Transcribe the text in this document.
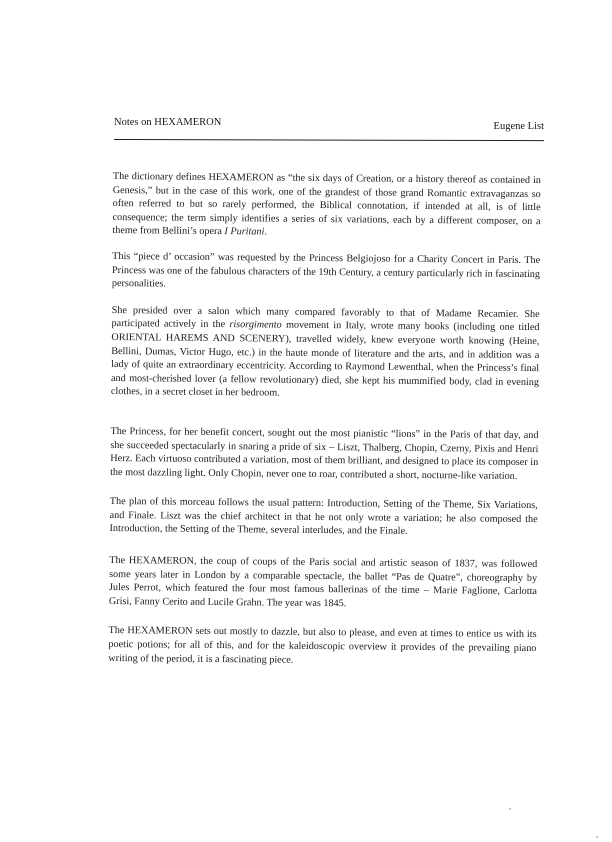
Notes on HEXAMERON	Eugene List

The dictionary defines HEXAMERON as “the six days of Creation, or a history thereof as contained in Genesis,” but in the case of this work, one of the grandest of those grand Romantic extravaganzas so often referred to but so rarely performed, the Biblical connotation, if intended at all, is of little consequence; the term simply identifies a series of six variations, each by a different composer, on a theme from Bellini’s opera I Puritani.

This “piece d’ occasion” was requested by the Princess Belgiojoso for a Charity Concert in Paris. The Princess was one of the fabulous characters of the 19th Century, a century particularly rich in fascinating personalities.

She presided over a salon which many compared favorably to that of Madame Recamier. She participated actively in the risorgimento movement in Italy, wrote many books (including one titled ORIENTAL HAREMS AND SCENERY), travelled widely, knew everyone worth knowing (Heine, Bellini, Dumas, Victor Hugo, etc.) in the haute monde of literature and the arts, and in addition was a lady of quite an extraordinary eccentricity. According to Raymond Lewenthal, when the Princess’s final and most-cherished lover (a fellow revolutionary) died, she kept his mummified body, clad in evening clothes, in a secret closet in her bedroom.

The Princess, for her benefit concert, sought out the most pianistic “lions” in the Paris of that day, and she succeeded spectacularly in snaring a pride of six – Liszt, Thalberg, Chopin, Czerny, Pixis and Henri Herz. Each virtuoso contributed a variation, most of them brilliant, and designed to place its composer in the most dazzling light. Only Chopin, never one to roar, contributed a short, nocturne-like variation.

The plan of this morceau follows the usual pattern: Introduction, Setting of the Theme, Six Variations, and Finale. Liszt was the chief architect in that he not only wrote a variation; he also composed the Introduction, the Setting of the Theme, several interludes, and the Finale.

The HEXAMERON, the coup of coups of the Paris social and artistic season of 1837, was followed some years later in London by a comparable spectacle, the ballet “Pas de Quatre”, choreography by Jules Perrot, which featured the four most famous ballerinas of the time – Marie Faglione, Carlotta Grisi, Fanny Cerito and Lucile Grahn. The year was 1845.

The HEXAMERON sets out mostly to dazzle, but also to please, and even at times to entice us with its poetic potions; for all of this, and for the kaleidoscopic overview it provides of the prevailing piano writing of the period, it is a fascinating piece.
